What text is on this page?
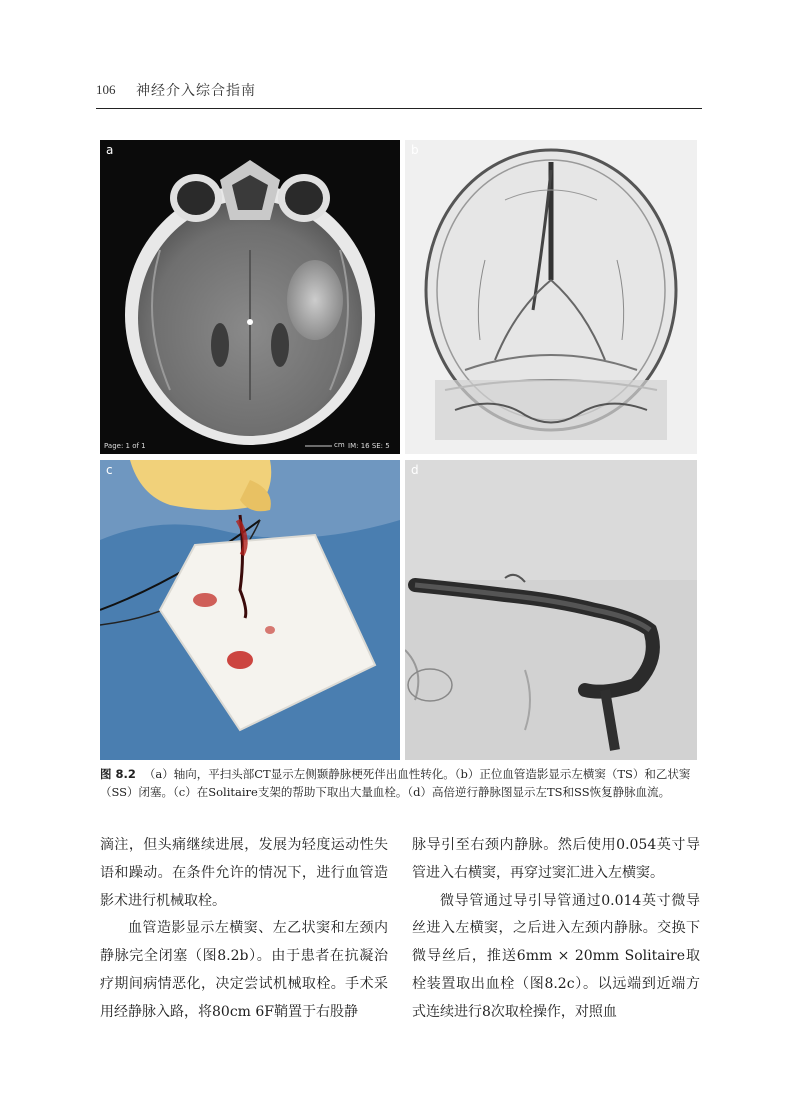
106 神经介入综合指南
a
Page: 1 of 1	cm IM: 16 SE: 5
b
c	d
图 8.2 （a）轴向，平扫头部CT显示左侧颞静脉梗死伴出血性转化。（b）正位血管造影显示左横窦（TS）和乙状窦（SS）闭塞。（c）在Solitaire支架的帮助下取出大量血栓。（d）高倍逆行静脉图显示左TS和SS恢复静脉血流。

滴注，但头痛继续进展，发展为轻度运动性失语和躁动。在条件允许的情况下，进行血管造影术进行机械取栓。

血管造影显示左横窦、左乙状窦和左颈内静脉完全闭塞（图8.2b）。由于患者在抗凝治疗期间病情恶化，决定尝试机械取栓。手术采用经静脉入路，将80cm 6F鞘置于右股静

脉导引至右颈内静脉。然后使用0.054英寸导管进入右横窦，再穿过窦汇进入左横窦。

微导管通过导引导管通过0.014英寸微导丝进入左横窦，之后进入左颈内静脉。交换下微导丝后，推送6mm × 20mm Solitaire取栓装置取出血栓（图8.2c）。以远端到近端方式连续进行8次取栓操作，对照血
